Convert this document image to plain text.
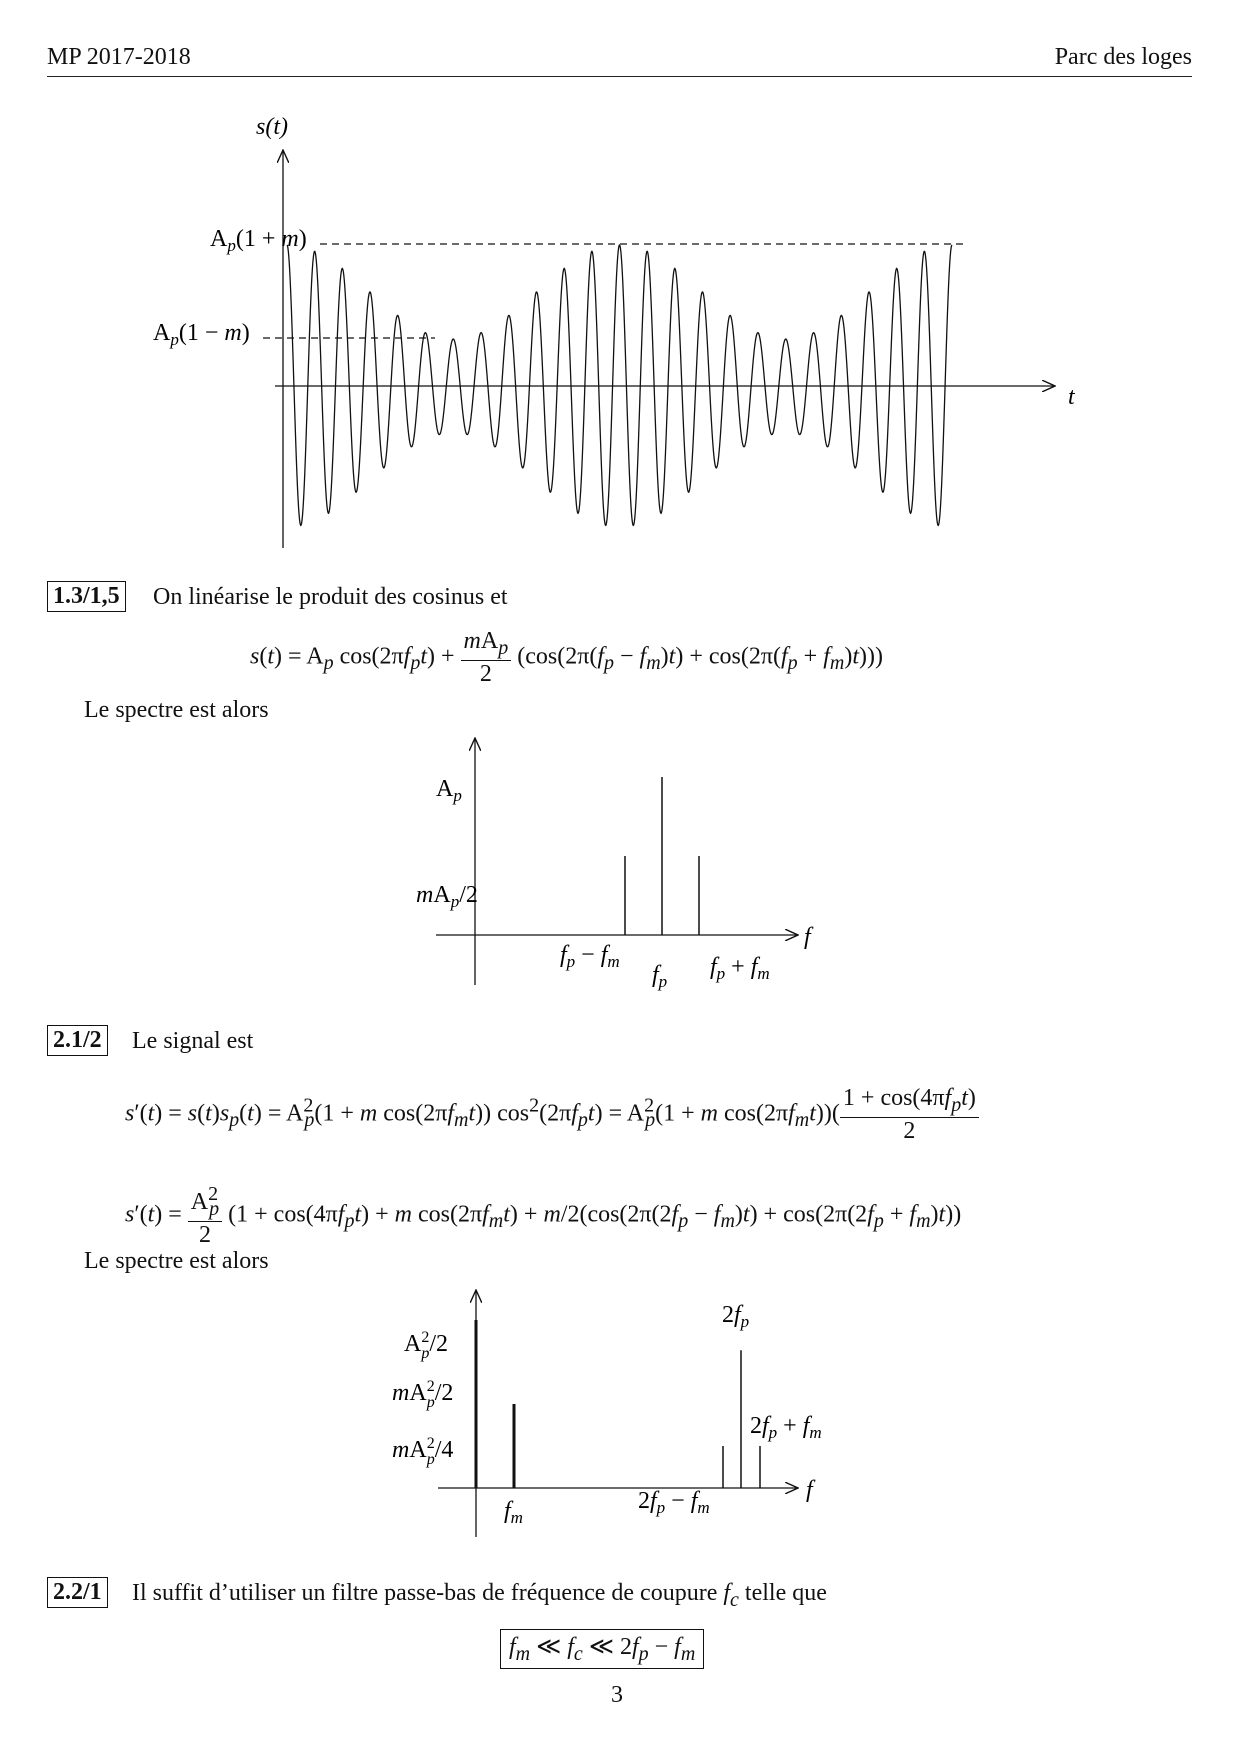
MP 2017-2018	Parc des loges
s(t)
t
$A_p(1 + m)$
$A_p(1 - m)$
1.3/1,5 On linéarise le produit des cosinus et
$s(t) = A_p$ $\cos(2\pi f_pt) + \frac{mA_p}{2} (\cos(2\pi(f_p - f_m)t) + \cos(2\pi(f_p + f_m)t))$)
Le spectre est alors
$A_p$
$mA_p/2$
$f_p - f_m$
$f_p$
$f_p + f_m$
f
2.1/2 Le signal est
$s'(t) = s(t)s_p(t) = A^2_p(1 + m$ $\cos(2\pi f_mt)$) $\cos^2(2\pi f_pt) = A^2_p(1 + m$ $\cos(2\pi f_mt))( \frac{1 + \cos(4\pi f_pt)}{2}$
$s'(t) = \frac{A^2_p}{2} (1 + \cos(4\pi f_pt) + m$ $\cos(2\pi f_mt) + m/2(\cos(2\pi(2f_p - f_m)t) + \cos(2\pi(2f_p + f_m)t))$
Le spectre est alors
$A^2$ p/2
$mA^2$ p/2
$mA^2$ p/4
$f_m$
$2f_p - f_m$
$2f_p$
$2f_p + f_m$
f
2.2/1 Il suffit d’utiliser un filtre passe-bas de fréquence de coupure $f_c$ telle que
$f_m$ ≪ $f_c$ ≪ $2f_p - f_m$
3
